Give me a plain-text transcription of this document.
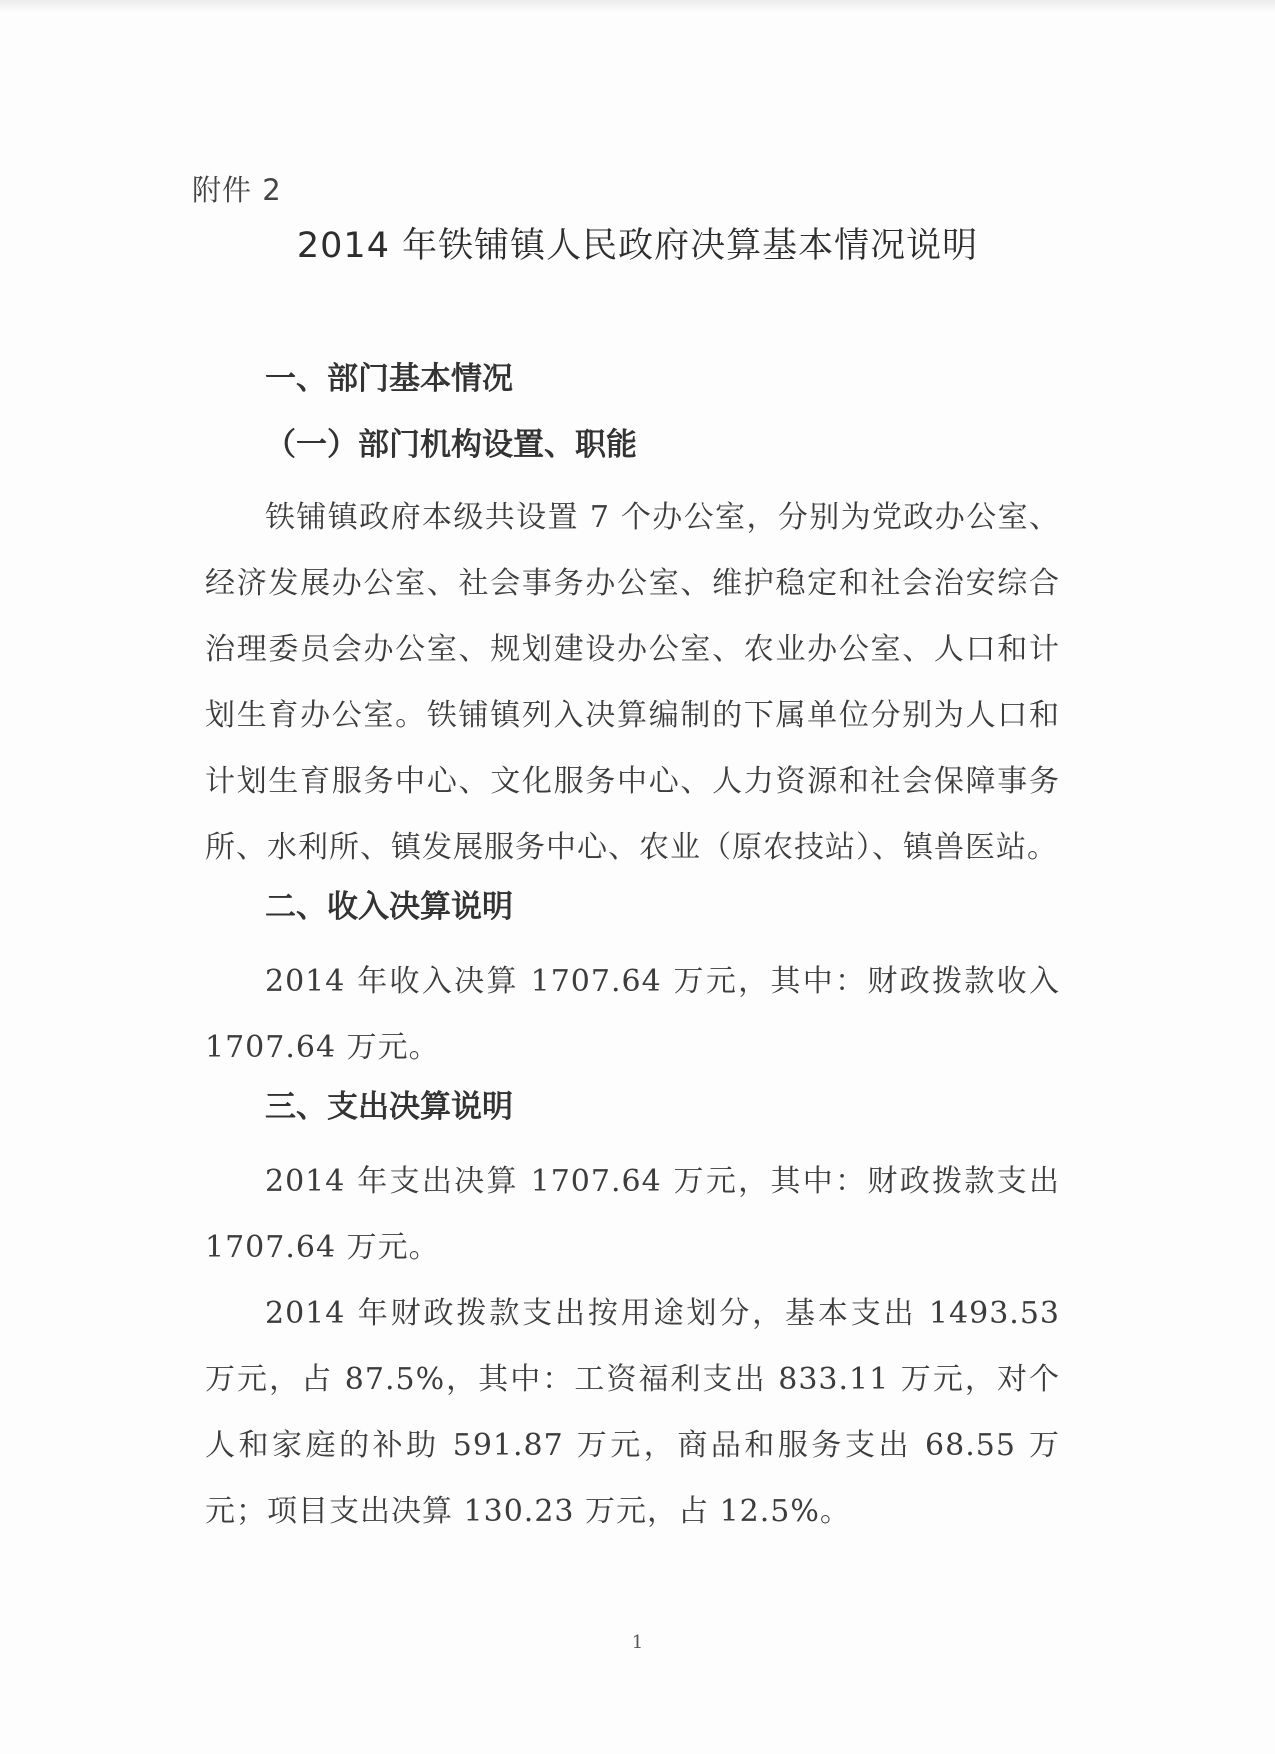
附件 2
2014 年铁铺镇人民政府决算基本情况说明
一、部门基本情况
（一）部门机构设置、职能

铁铺镇政府本级共设置 7 个办公室，分别为党政办公室、经济发展办公室、社会事务办公室、维护稳定和社会治安综合治理委员会办公室、规划建设办公室、农业办公室、人口和计划生育办公室。铁铺镇列入决算编制的下属单位分别为人口和计划生育服务中心、文化服务中心、人力资源和社会保障事务所、水利所、镇发展服务中心、农业（原农技站）、镇兽医站。

二、收入决算说明

2014 年收入决算 1707.64 万元，其中：财政拨款收入 1707.64 万元。

三、支出决算说明

2014 年支出决算 1707.64 万元，其中：财政拨款支出 1707.64 万元。

2014 年财政拨款支出按用途划分，基本支出 1493.53 万元，占 87.5%，其中：工资福利支出 833.11 万元，对个人和家庭的补助 591.87 万元，商品和服务支出 68.55 万元；项目支出决算 130.23 万元，占 12.5%。

1
